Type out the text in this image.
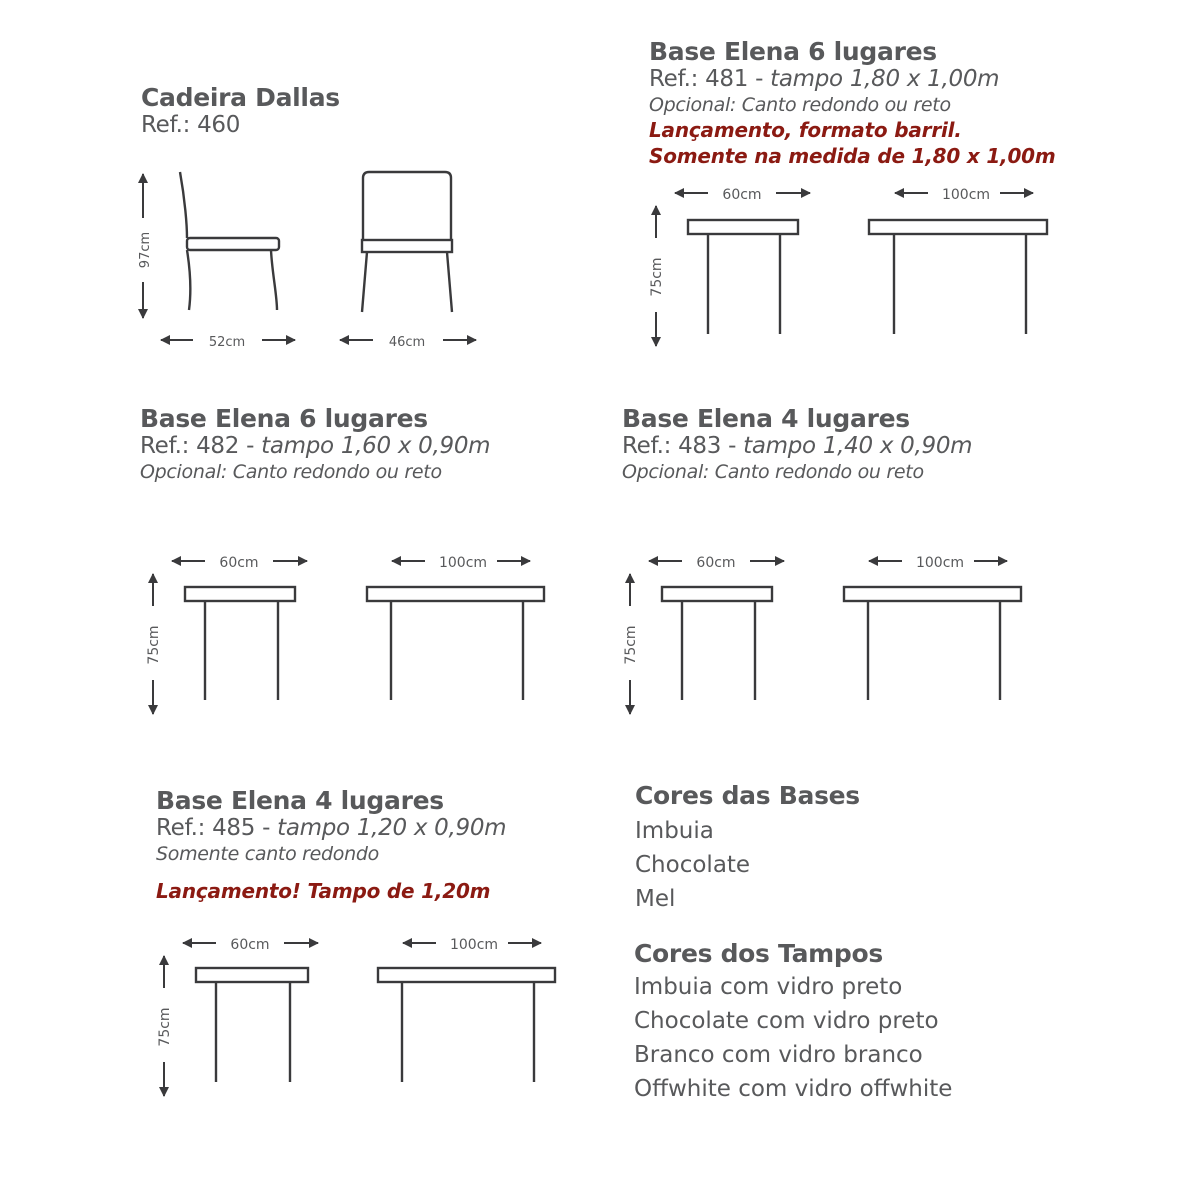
Cadeira Dallas
Ref.: 460
97cm
52cm	46cm
Base Elena 6 lugares
Ref.: 481 - tampo 1,80 x 1,00m
Opcional: Canto redondo ou reto
Lançamento, formato barril.
Somente na medida de 1,80 x 1,00m
60cm	100cm
75cm
Base Elena 6 lugares
Ref.: 482 - tampo 1,60 x 0,90m
Opcional: Canto redondo ou reto
60cm	100cm
75cm
Base Elena 4 lugares
Ref.: 483 - tampo 1,40 x 0,90m
Opcional: Canto redondo ou reto
60cm	100cm
75cm
Base Elena 4 lugares
Ref.: 485 - tampo 1,20 x 0,90m
Somente canto redondo
Lançamento! Tampo de 1,20m
60cm	100cm
75cm
Cores das Bases
Imbuia
Chocolate
Mel
Cores dos Tampos
Imbuia com vidro preto
Chocolate com vidro preto
Branco com vidro branco
Offwhite com vidro offwhite
